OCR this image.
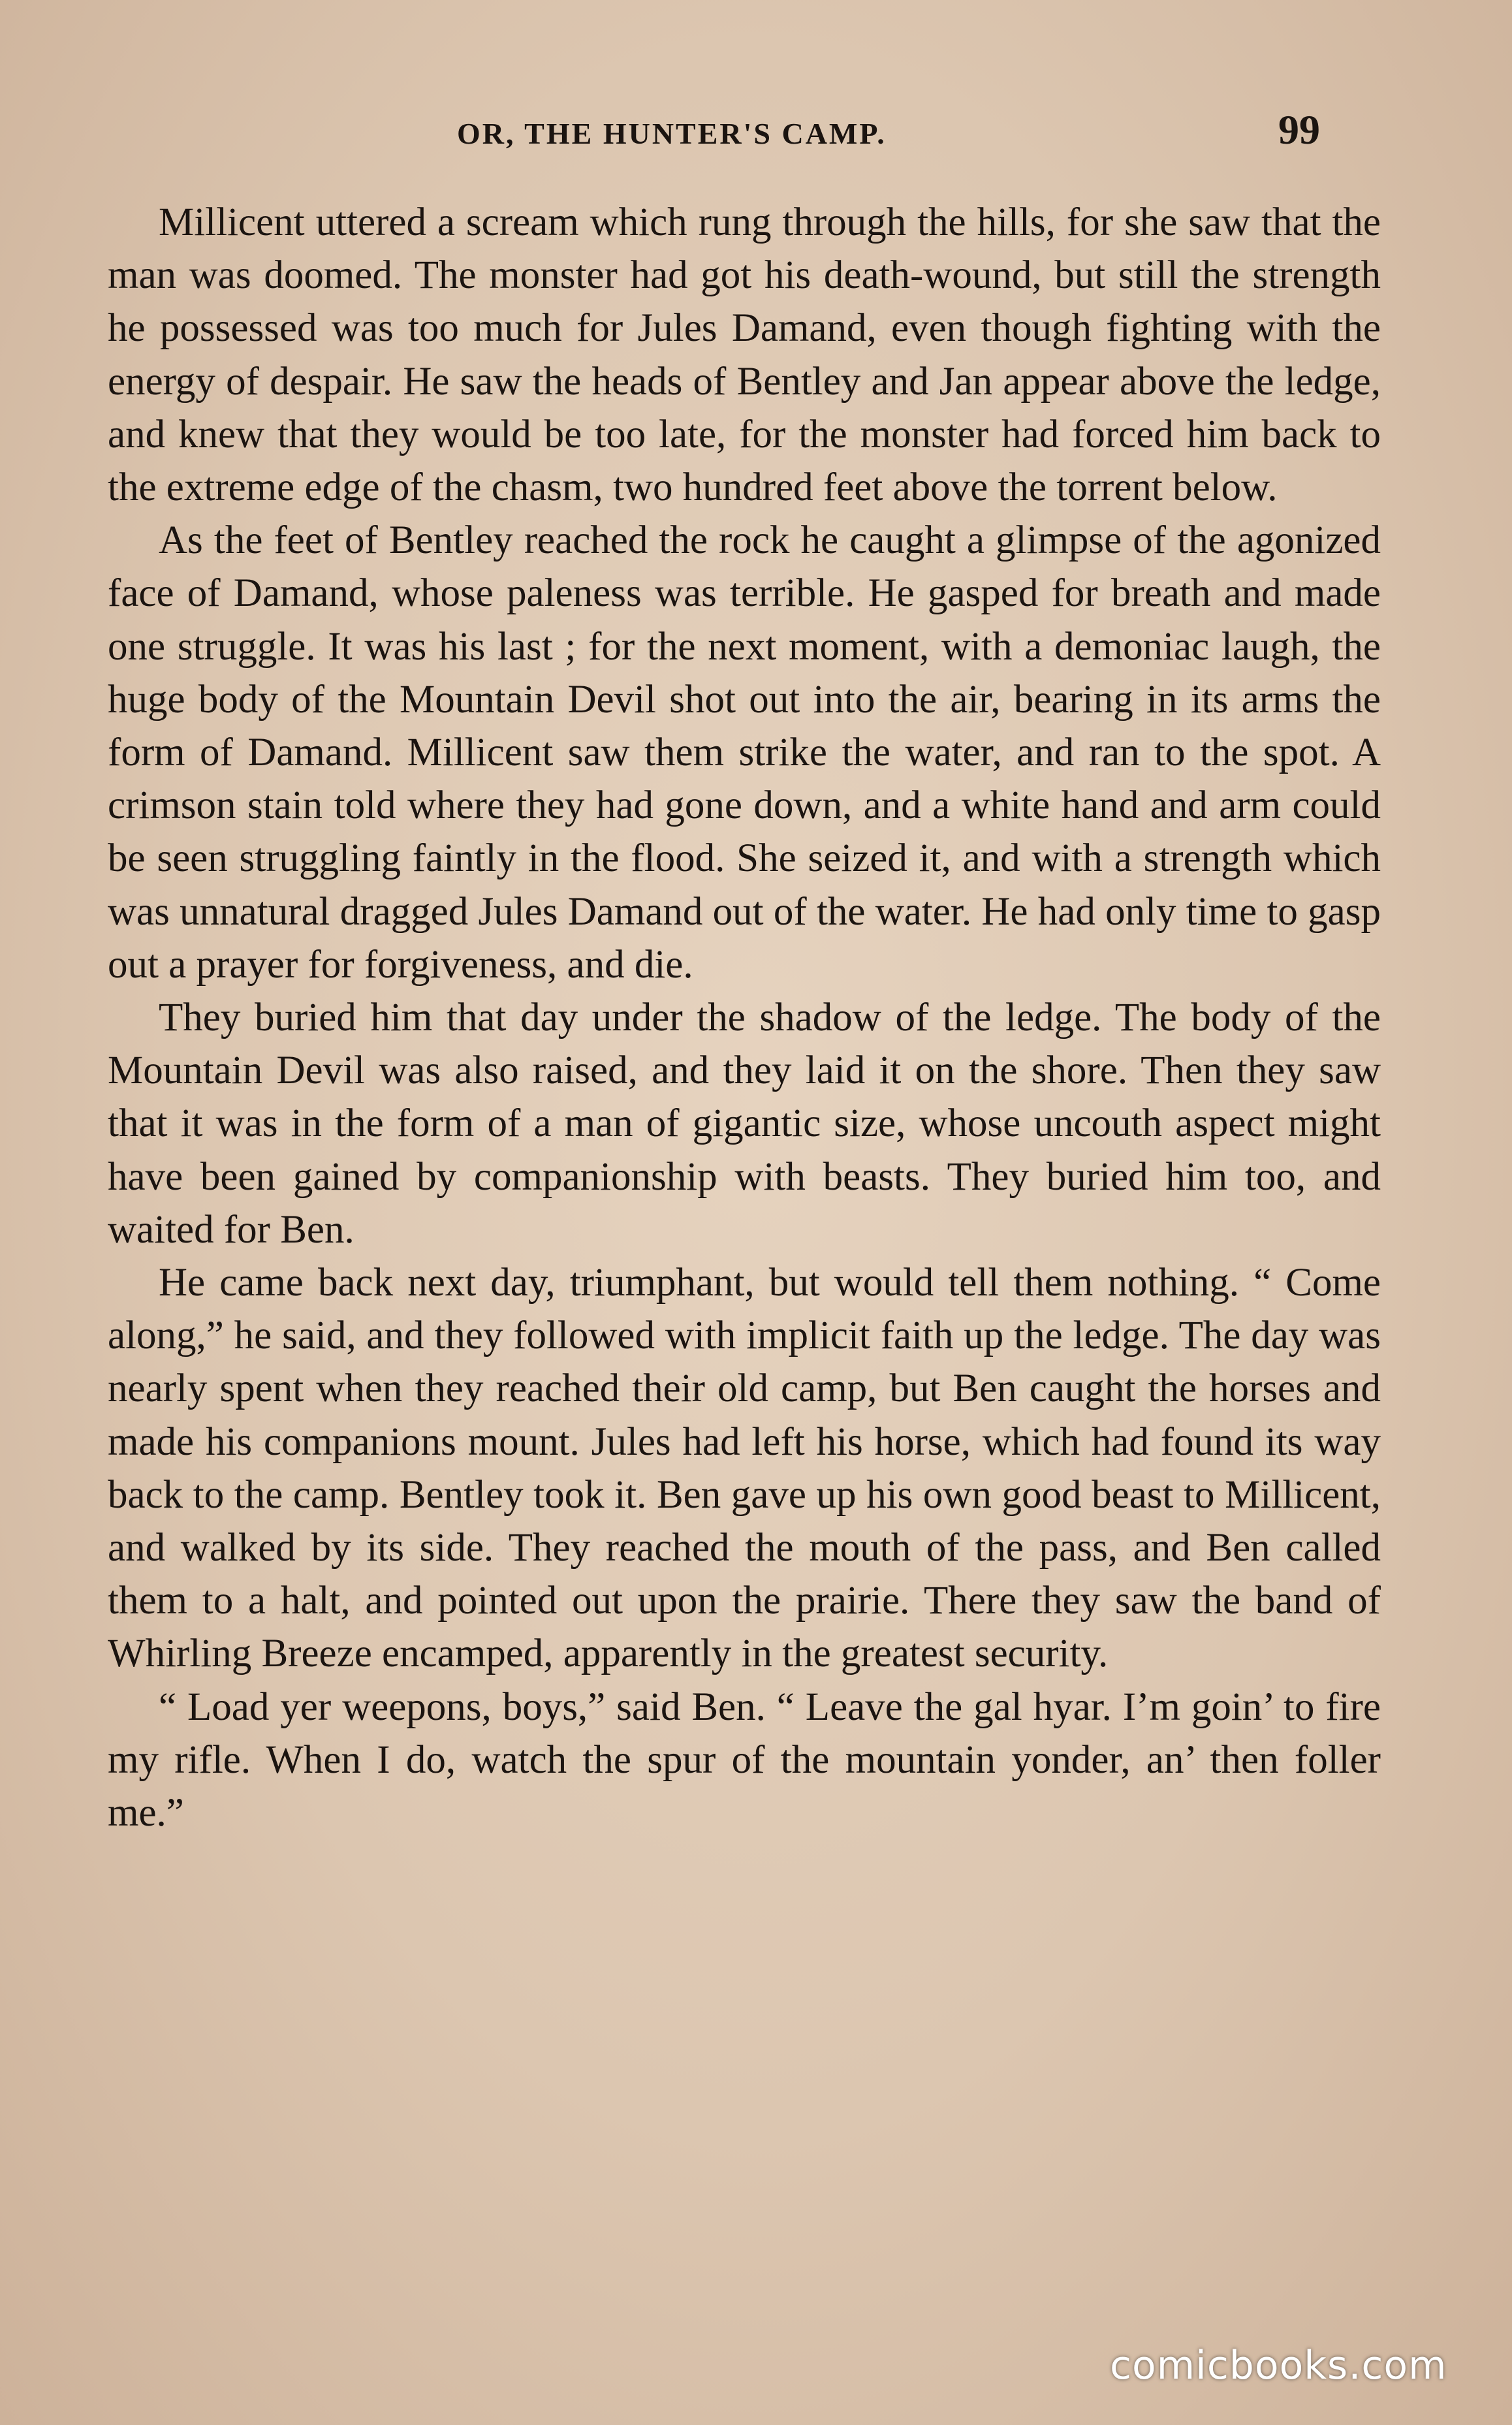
OR, THE HUNTER'S CAMP.	99

Millicent uttered a scream which rung through the hills, for she saw that the man was doomed. The monster had got his death-wound, but still the strength he possessed was too much for Jules Damand, even though fighting with the energy of despair. He saw the heads of Bentley and Jan appear above the ledge, and knew that they would be too late, for the monster had forced him back to the extreme edge of the chasm, two hundred feet above the torrent below.

As the feet of Bentley reached the rock he caught a glimpse of the agonized face of Damand, whose paleness was terrible. He gasped for breath and made one struggle. It was his last ; for the next moment, with a demoniac laugh, the huge body of the Mountain Devil shot out into the air, bearing in its arms the form of Damand. Millicent saw them strike the water, and ran to the spot. A crimson stain told where they had gone down, and a white hand and arm could be seen struggling faintly in the flood. She seized it, and with a strength which was unnatural dragged Jules Damand out of the water. He had only time to gasp out a prayer for forgiveness, and die.

They buried him that day under the shadow of the ledge. The body of the Mountain Devil was also raised, and they laid it on the shore. Then they saw that it was in the form of a man of gigantic size, whose uncouth aspect might have been gained by companionship with beasts. They buried him too, and waited for Ben.

He came back next day, triumphant, but would tell them nothing. “ Come along,” he said, and they followed with implicit faith up the ledge. The day was nearly spent when they reached their old camp, but Ben caught the horses and made his companions mount. Jules had left his horse, which had found its way back to the camp. Bentley took it. Ben gave up his own good beast to Millicent, and walked by its side. They reached the mouth of the pass, and Ben called them to a halt, and pointed out upon the prairie. There they saw the band of Whirling Breeze encamped, apparently in the greatest security.

“ Load yer weepons, boys,” said Ben. “ Leave the gal hyar. I’m goin’ to fire my rifle. When I do, watch the spur of the mountain yonder, an’ then foller me.”

comicbooks.com
